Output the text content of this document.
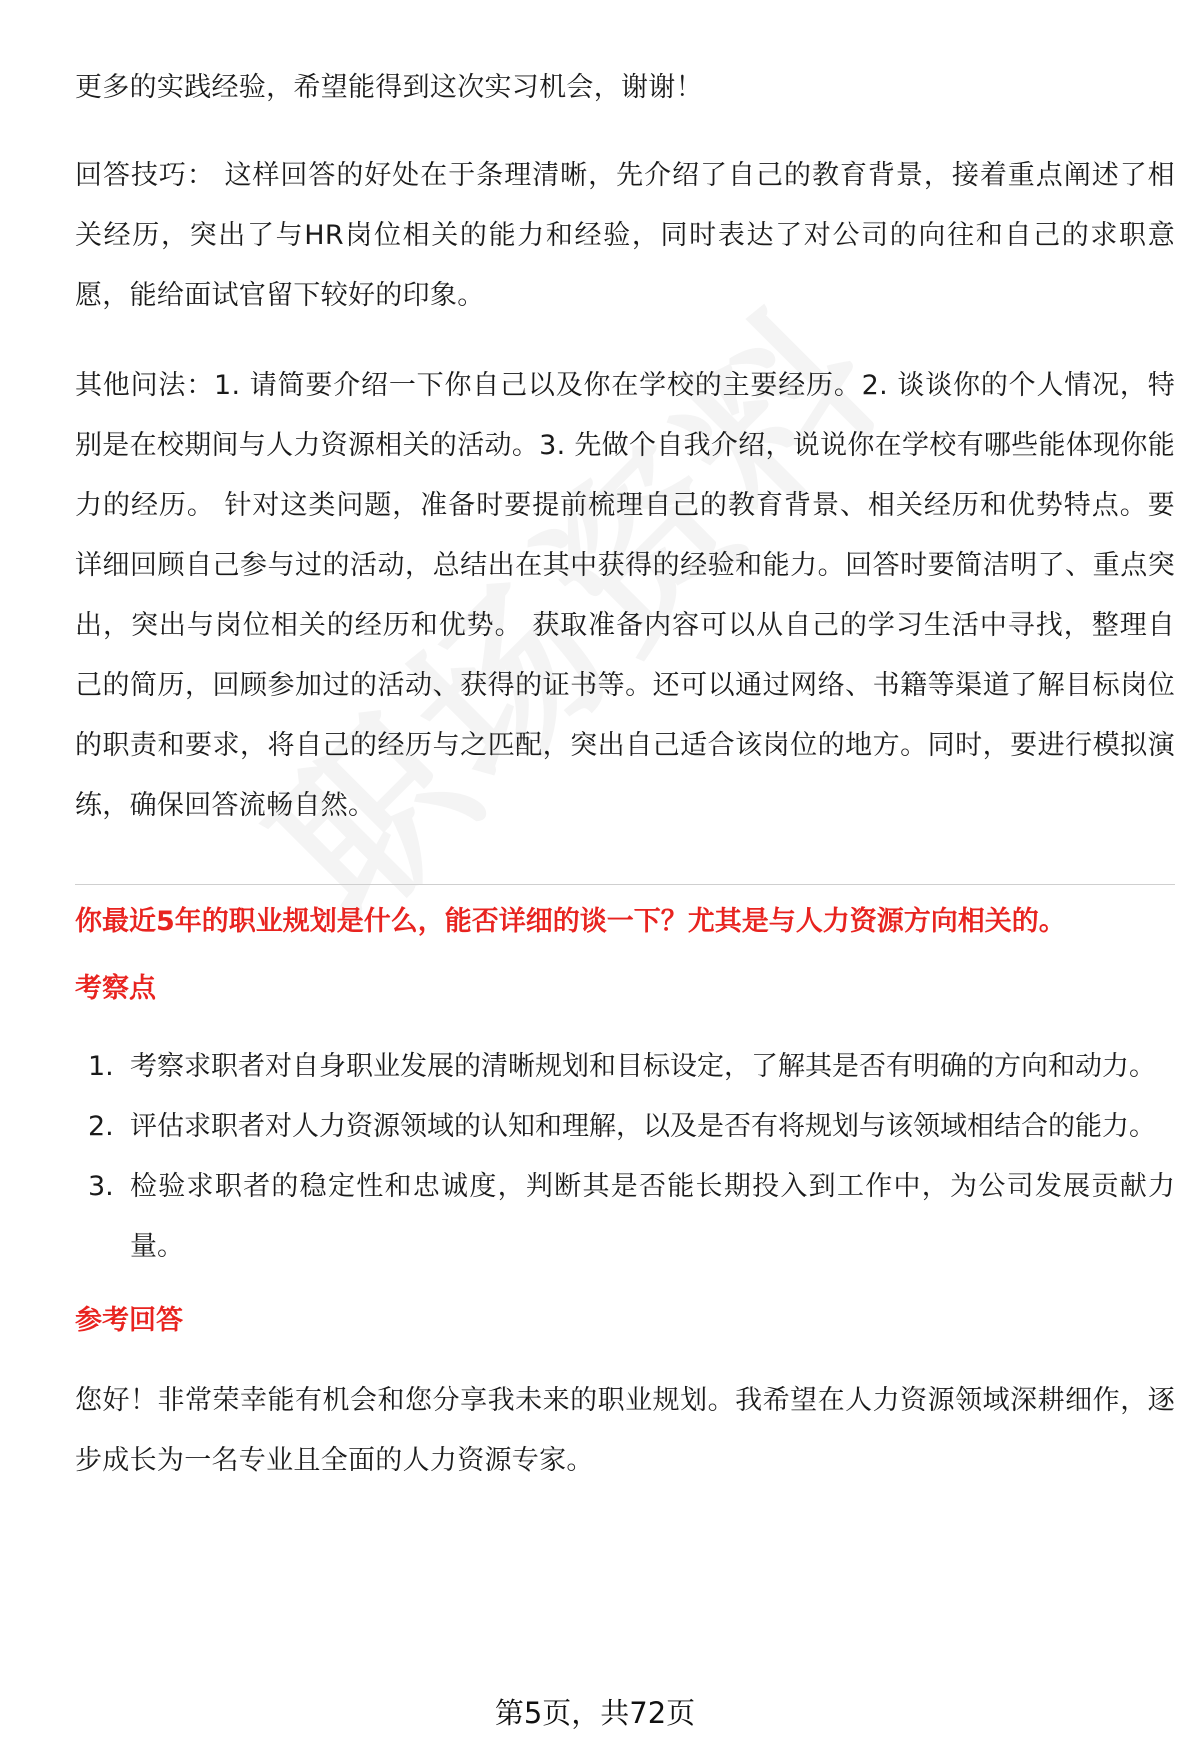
更多的实践经验，希望能得到这次实习机会，谢谢！

回答技巧： 这样回答的好处在于条理清晰，先介绍了自己的教育背景，接着重点阐述了相关经历，突出了与HR岗位相关的能力和经验，同时表达了对公司的向往和自己的求职意愿，能给面试官留下较好的印象。

其他问法：1. 请简要介绍一下你自己以及你在学校的主要经历。2. 谈谈你的个人情况，特别是在校期间与人力资源相关的活动。3. 先做个自我介绍，说说你在学校有哪些能体现你能力的经历。 针对这类问题，准备时要提前梳理自己的教育背景、相关经历和优势特点。要详细回顾自己参与过的活动，总结出在其中获得的经验和能力。回答时要简洁明了、重点突出，突出与岗位相关的经历和优势。 获取准备内容可以从自己的学习生活中寻找，整理自己的简历，回顾参加过的活动、获得的证书等。还可以通过网络、书籍等渠道了解目标岗位的职责和要求，将自己的经历与之匹配，突出自己适合该岗位的地方。同时，要进行模拟演练，确保回答流畅自然。

你最近5年的职业规划是什么，能否详细的谈一下？尤其是与人力资源方向相关的。
考察点
1. 考察求职者对自身职业发展的清晰规划和目标设定，了解其是否有明确的方向和动力。
2. 评估求职者对人力资源领域的认知和理解，以及是否有将规划与该领域相结合的能力。
3. 检验求职者的稳定性和忠诚度，判断其是否能长期投入到工作中，为公司发展贡献力量。
参考回答

您好！非常荣幸能有机会和您分享我未来的职业规划。我希望在人力资源领域深耕细作，逐步成长为一名专业且全面的人力资源专家。

第5页，共72页
